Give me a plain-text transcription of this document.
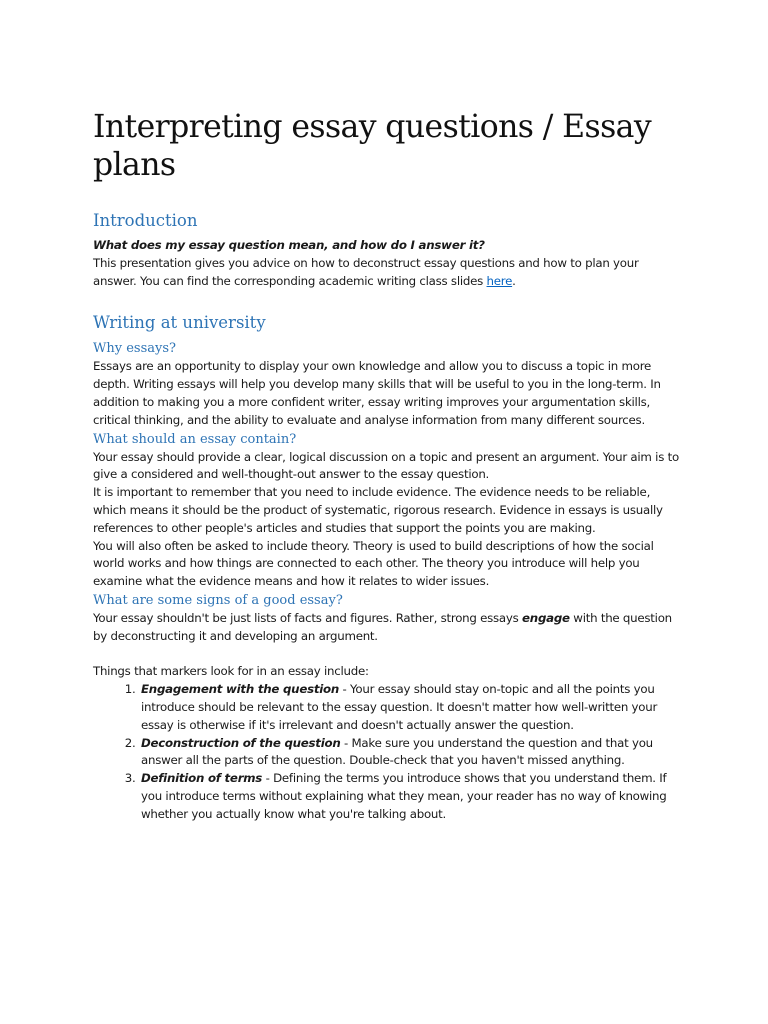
Interpreting essay questions / Essay plans
Introduction

What does my essay question mean, and how do I answer it?

This presentation gives you advice on how to deconstruct essay questions and how to plan your answer. You can find the corresponding academic writing class slides here.

Writing at university
Why essays?

Essays are an opportunity to display your own knowledge and allow you to discuss a topic in more depth. Writing essays will help you develop many skills that will be useful to you in the long-term. In addition to making you a more confident writer, essay writing improves your argumentation skills, critical thinking, and the ability to evaluate and analyse information from many different sources.

What should an essay contain?

Your essay should provide a clear, logical discussion on a topic and present an argument. Your aim is to give a considered and well-thought-out answer to the essay question.

It is important to remember that you need to include evidence. The evidence needs to be reliable, which means it should be the product of systematic, rigorous research. Evidence in essays is usually references to other people's articles and studies that support the points you are making.

You will also often be asked to include theory. Theory is used to build descriptions of how the social world works and how things are connected to each other. The theory you introduce will help you examine what the evidence means and how it relates to wider issues.

What are some signs of a good essay?

Your essay shouldn't be just lists of facts and figures. Rather, strong essays engage with the question by deconstructing it and developing an argument.

Things that markers look for in an essay include:

1. Engagement with the question - Your essay should stay on-topic and all the points you introduce should be relevant to the essay question. It doesn't matter how well-written your essay is otherwise if it's irrelevant and doesn't actually answer the question.
2. Deconstruction of the question - Make sure you understand the question and that you answer all the parts of the question. Double-check that you haven't missed anything.
3. Definition of terms - Defining the terms you introduce shows that you understand them. If you introduce terms without explaining what they mean, your reader has no way of knowing whether you actually know what you're talking about.
